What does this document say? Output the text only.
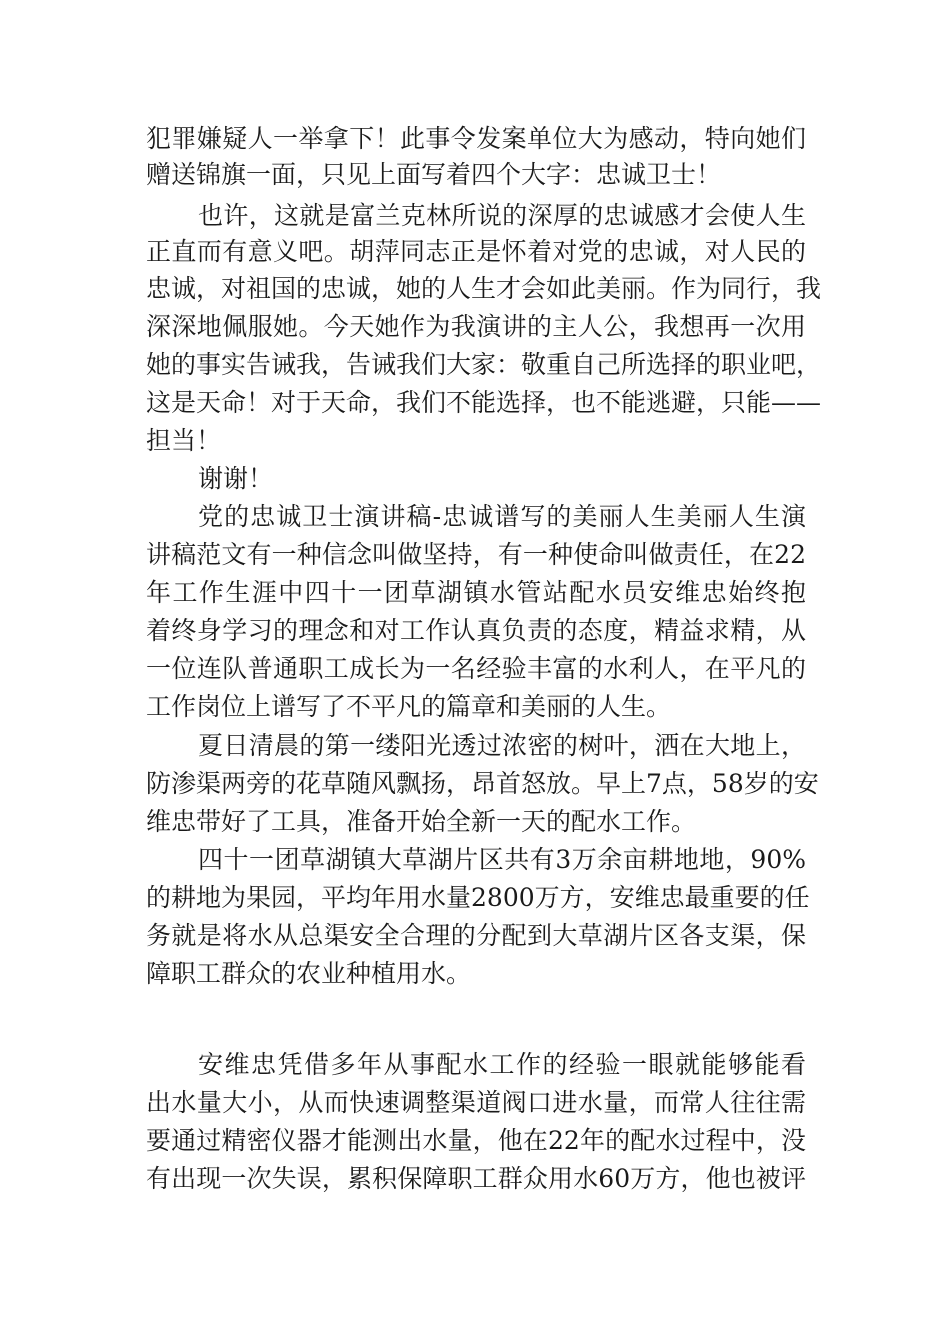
犯罪嫌疑人一举拿下！此事令发案单位大为感动，特向她们
赠送锦旗一面，只见上面写着四个大字：忠诚卫士！
也许，这就是富兰克林所说的深厚的忠诚感才会使人生
正直而有意义吧。胡萍同志正是怀着对党的忠诚，对人民的
忠诚，对祖国的忠诚，她的人生才会如此美丽。作为同行，我
深深地佩服她。今天她作为我演讲的主人公，我想再一次用
她的事实告诫我，告诫我们大家：敬重自己所选择的职业吧，
这是天命！对于天命，我们不能选择，也不能逃避，只能——
担当！
谢谢！
党的忠诚卫士演讲稿-忠诚谱写的美丽人生美丽人生演
讲稿范文有一种信念叫做坚持，有一种使命叫做责任，在22
年工作生涯中四十一团草湖镇水管站配水员安维忠始终抱
着终身学习的理念和对工作认真负责的态度，精益求精，从
一位连队普通职工成长为一名经验丰富的水利人，在平凡的
工作岗位上谱写了不平凡的篇章和美丽的人生。
夏日清晨的第一缕阳光透过浓密的树叶，洒在大地上，
防渗渠两旁的花草随风飘扬，昂首怒放。早上7点，58岁的安
维忠带好了工具，准备开始全新一天的配水工作。
四十一团草湖镇大草湖片区共有3万余亩耕地地，90%
的耕地为果园，平均年用水量2800万方，安维忠最重要的任
务就是将水从总渠安全合理的分配到大草湖片区各支渠，保
障职工群众的农业种植用水。
安维忠凭借多年从事配水工作的经验一眼就能够能看
出水量大小，从而快速调整渠道阀口进水量，而常人往往需
要通过精密仪器才能测出水量，他在22年的配水过程中，没
有出现一次失误，累积保障职工群众用水60万方，他也被评
